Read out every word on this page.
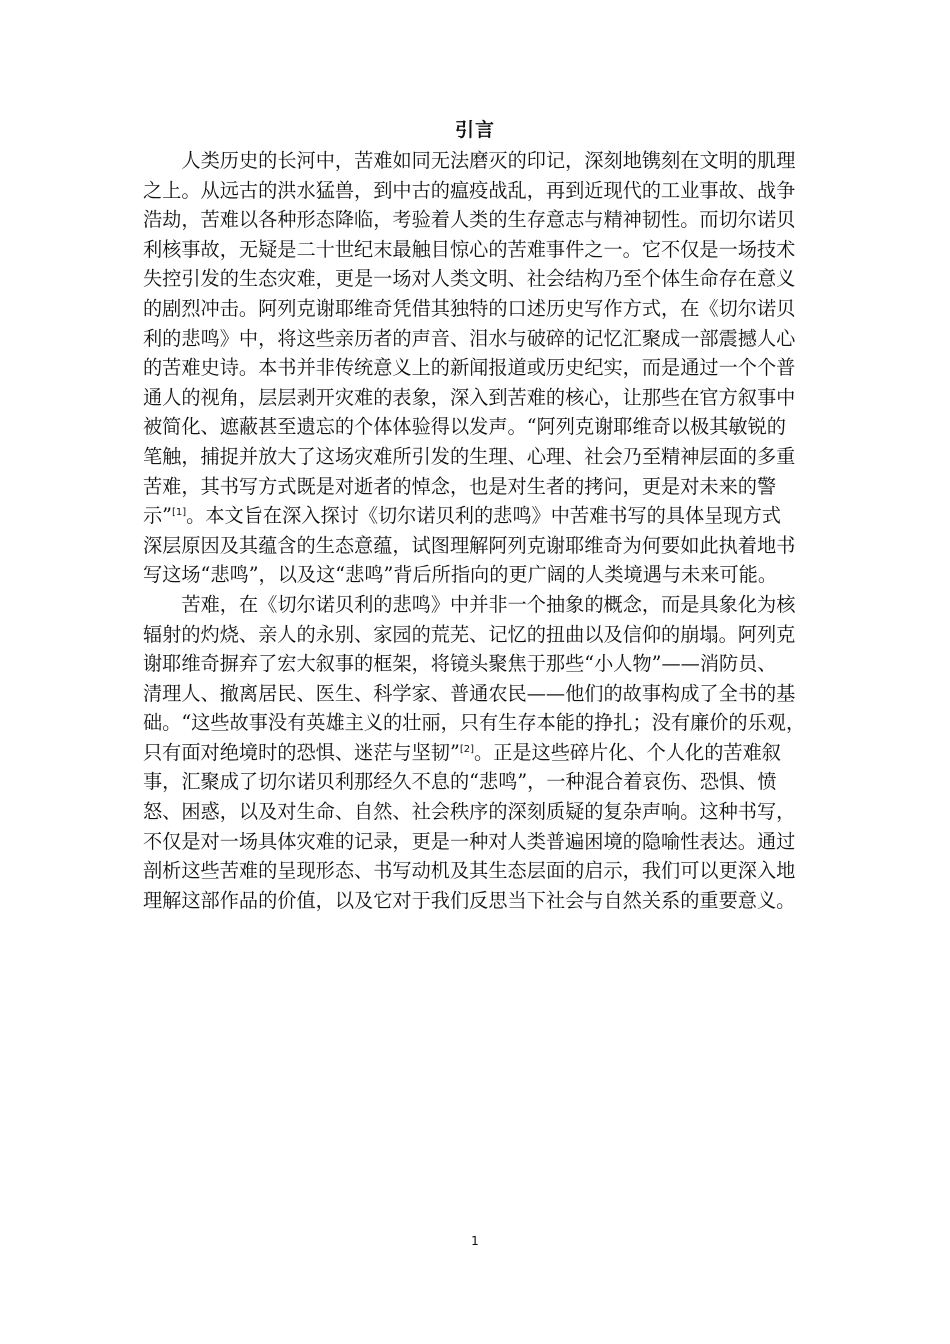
引言

人类历史的长河中，苦难如同无法磨灭的印记，深刻地镌刻在文明的肌理
之上。从远古的洪水猛兽，到中古的瘟疫战乱，再到近现代的工业事故、战争
浩劫，苦难以各种形态降临，考验着人类的生存意志与精神韧性。而切尔诺贝
利核事故，无疑是二十世纪末最触目惊心的苦难事件之一。它不仅是一场技术
失控引发的生态灾难，更是一场对人类文明、社会结构乃至个体生命存在意义
的剧烈冲击。阿列克谢耶维奇凭借其独特的口述历史写作方式，在《切尔诺贝
利的悲鸣》中，将这些亲历者的声音、泪水与破碎的记忆汇聚成一部震撼人心
的苦难史诗。本书并非传统意义上的新闻报道或历史纪实，而是通过一个个普
通人的视角，层层剥开灾难的表象，深入到苦难的核心，让那些在官方叙事中
被简化、遮蔽甚至遗忘的个体体验得以发声。“阿列克谢耶维奇以极其敏锐的
笔触，捕捉并放大了这场灾难所引发的生理、心理、社会乃至精神层面的多重
苦难，其书写方式既是对逝者的悼念，也是对生者的拷问，更是对未来的警
示”[1]。本文旨在深入探讨《切尔诺贝利的悲鸣》中苦难书写的具体呈现方式
深层原因及其蕴含的生态意蕴，试图理解阿列克谢耶维奇为何要如此执着地书
写这场“悲鸣”，以及这“悲鸣”背后所指向的更广阔的人类境遇与未来可能。

苦难，在《切尔诺贝利的悲鸣》中并非一个抽象的概念，而是具象化为核
辐射的灼烧、亲人的永别、家园的荒芜、记忆的扭曲以及信仰的崩塌。阿列克
谢耶维奇摒弃了宏大叙事的框架，将镜头聚焦于那些“小人物”——消防员、
清理人、撤离居民、医生、科学家、普通农民——他们的故事构成了全书的基
础。“这些故事没有英雄主义的壮丽，只有生存本能的挣扎；没有廉价的乐观，
只有面对绝境时的恐惧、迷茫与坚韧”[2]。正是这些碎片化、个人化的苦难叙
事，汇聚成了切尔诺贝利那经久不息的“悲鸣”，一种混合着哀伤、恐惧、愤
怒、困惑，以及对生命、自然、社会秩序的深刻质疑的复杂声响。这种书写，
不仅是对一场具体灾难的记录，更是一种对人类普遍困境的隐喻性表达。通过
剖析这些苦难的呈现形态、书写动机及其生态层面的启示，我们可以更深入地
理解这部作品的价值，以及它对于我们反思当下社会与自然关系的重要意义。

1
